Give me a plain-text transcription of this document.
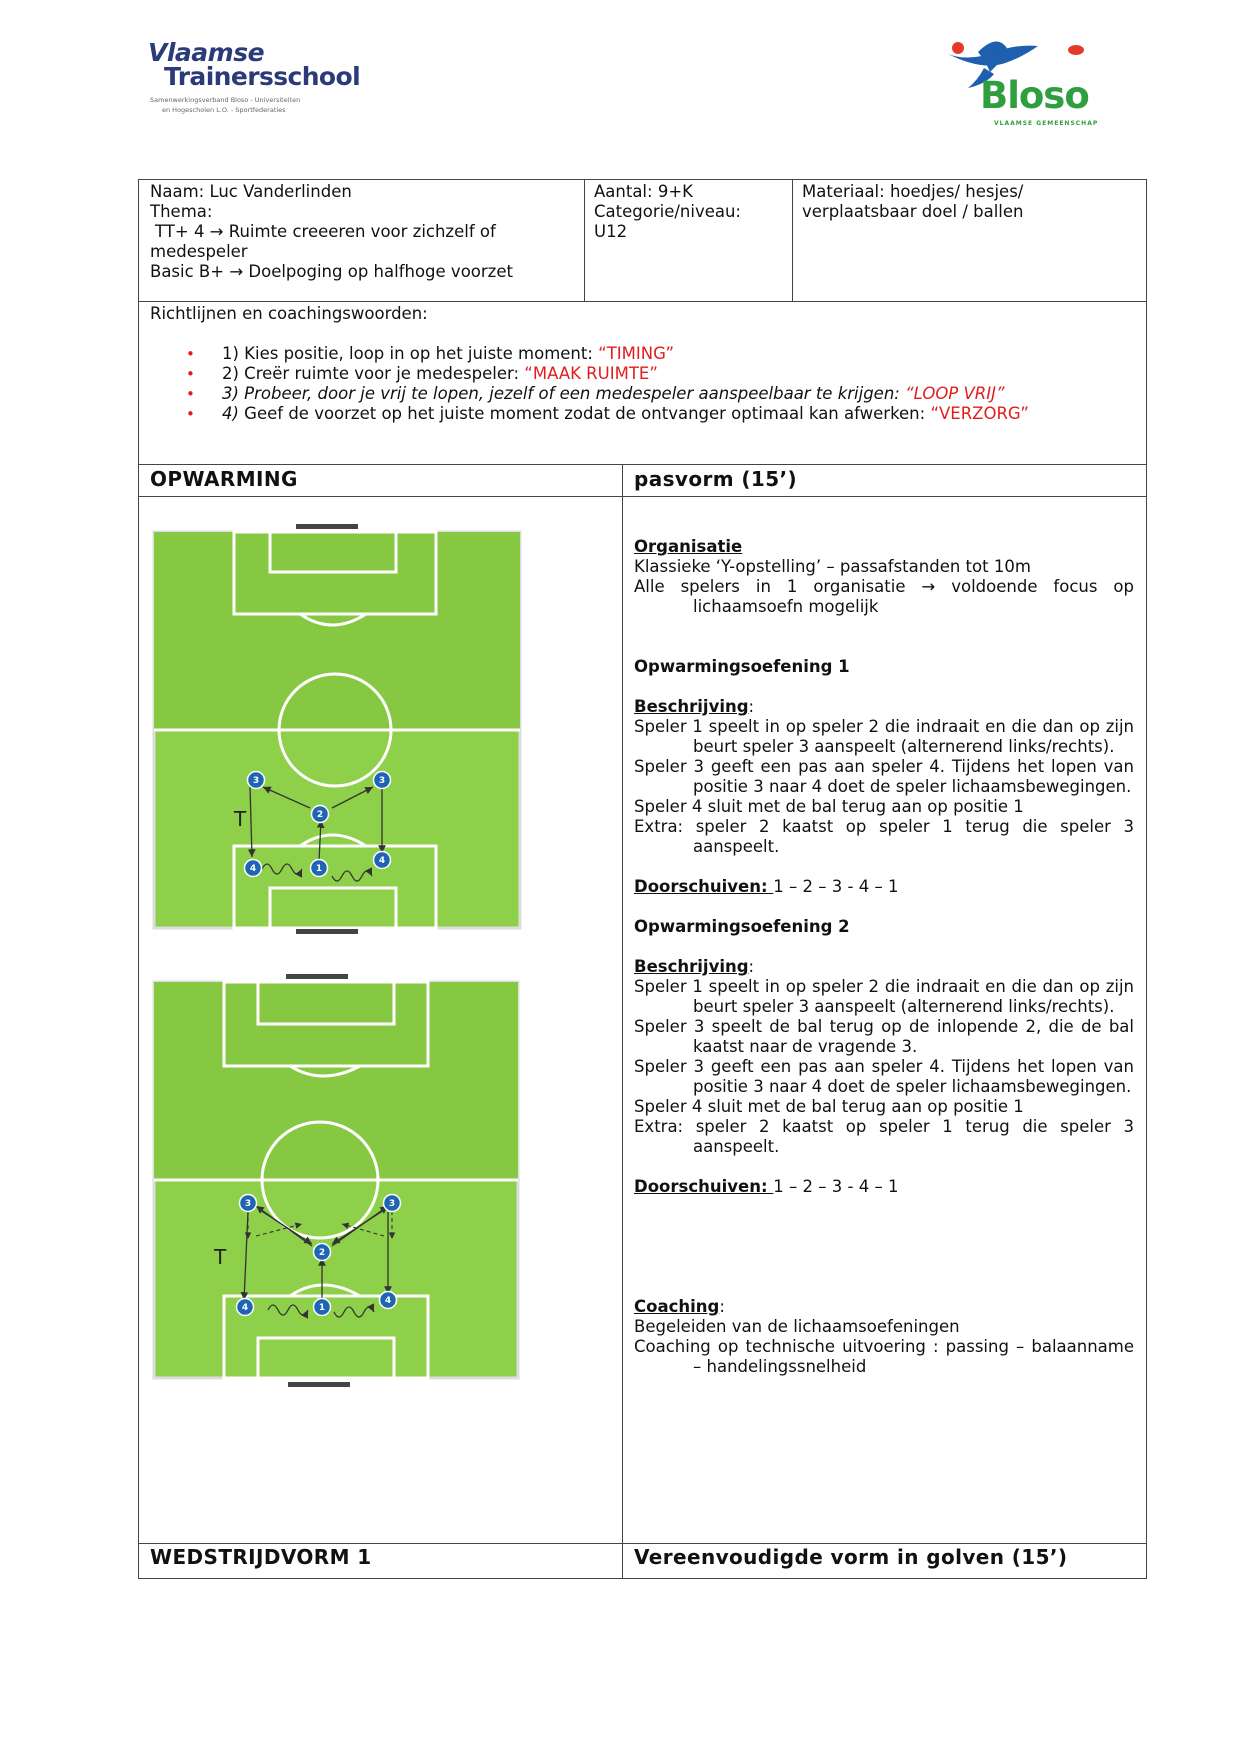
Vlaamse
Trainersschool
Samenwerkingsverband Bloso - Universiteiten
en Hogescholen L.O. - Sportfederaties	Bloso
VLAAMSE GEMEENSCHAP

Naam: Luc Vanderlinden

Thema:

TT+ 4 → Ruimte creeeren voor zichzelf of

medespeler

Basic B+ → Doelpoging op halfhoge voorzet

Aantal: 9+K

Categorie/niveau:

U12

Materiaal: hoedjes/ hesjes/

verplaatsbaar doel / ballen

Richtlijnen en coachingswoorden:

• 1) Kies positie, loop in op het juiste moment: “TIMING”
• 2) Creër ruimte voor je medespeler: “MAAK RUIMTE”
• 3) Probeer, door je vrij te lopen, jezelf of een medespeler aanspeelbaar te krijgen: “LOOP VRIJ”
• 4) Geef de voorzet op het juiste moment zodat de ontvanger optimaal kan afwerken: “VERZORG”
OPWARMING	pasvorm (15’)

Organisatie

Klassieke ‘Y-opstelling’ – passafstanden tot 10m

Alle spelers in 1 organisatie → voldoende focus op lichaamsoefn mogelijk

Opwarmingsoefening 1

Beschrijving:

Speler 1 speelt in op speler 2 die indraait en die dan op zijn beurt speler 3 aanspeelt (alternerend links/rechts).

Speler 3 geeft een pas aan speler 4. Tijdens het lopen van positie 3 naar 4 doet de speler lichaamsbewegingen.

Speler 4 sluit met de bal terug aan op positie 1

Extra: speler 2 kaatst op speler 1 terug die speler 3 aanspeelt.

Doorschuiven: 1 – 2 – 3 - 4 – 1

Opwarmingsoefening 2

Beschrijving:

Speler 1 speelt in op speler 2 die indraait en die dan op zijn beurt speler 3 aanspeelt (alternerend links/rechts).

Speler 3 speelt de bal terug op de inlopende 2, die de bal kaatst naar de vragende 3.

Speler 3 geeft een pas aan speler 4. Tijdens het lopen van positie 3 naar 4 doet de speler lichaamsbewegingen.

Speler 4 sluit met de bal terug aan op positie 1

Extra: speler 2 kaatst op speler 1 terug die speler 3 aanspeelt.

Doorschuiven: 1 – 2 – 3 - 4 – 1

Coaching:

Begeleiden van de lichaamsoefeningen

Coaching op technische uitvoering : passing – balaanname – handelingssnelheid

T
1
2
3	3
4
4
T
1
2
3	3
4
4
WEDSTRIJDVORM 1	Vereenvoudigde vorm in golven (15’)
